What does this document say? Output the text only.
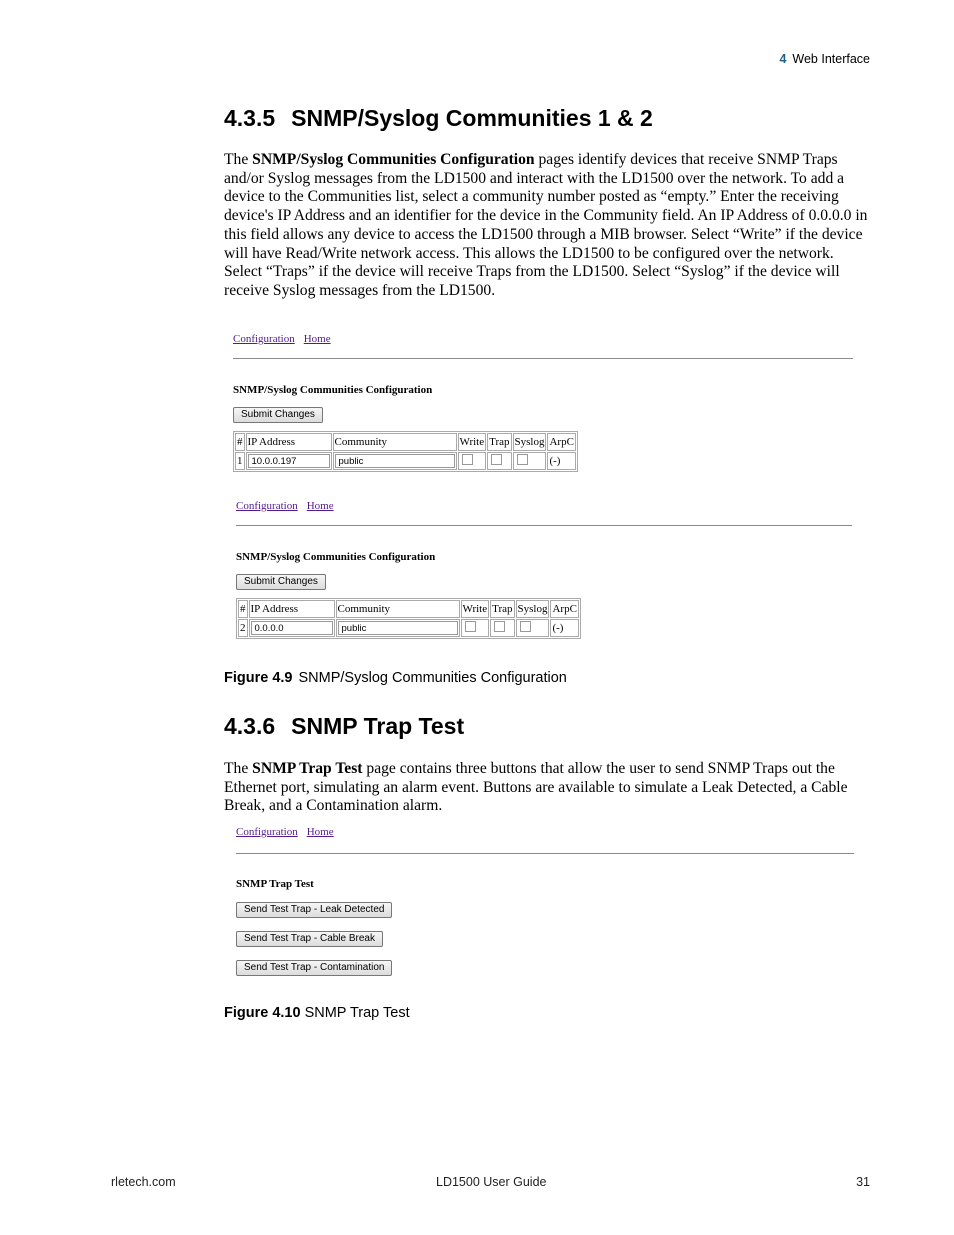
4 Web Interface
4.3.5 SNMP/Syslog Communities 1 & 2

The SNMP/Syslog Communities Configuration pages identify devices that receive SNMP Traps and/or Syslog messages from the LD1500 and interact with the LD1500 over the network. To add a device to the Communities list, select a community number posted as “empty.” Enter the receiving device's IP Address and an identifier for the device in the Community field. An IP Address of 0.0.0.0 in this field allows any device to access the LD1500 through a MIB browser. Select “Write” if the device will have Read/Write network access. This allows the LD1500 to be configured over the network. Select “Traps” if the device will receive Traps from the LD1500. Select “Syslog” if the device will receive Syslog messages from the LD1500.

Configuration Home
SNMP/Syslog Communities Configuration
Submit Changes
#	IP Address	Community	Write	Trap	Syslog	ArpC
1	10.0.0.197	public				(-)
Configuration Home
SNMP/Syslog Communities Configuration
Submit Changes
#	IP Address	Community	Write	Trap	Syslog	ArpC
2	0.0.0.0	public				(-)
Figure 4.9 SNMP/Syslog Communities Configuration
4.3.6 SNMP Trap Test

The SNMP Trap Test page contains three buttons that allow the user to send SNMP Traps out the Ethernet port, simulating an alarm event. Buttons are available to simulate a Leak Detected, a Cable Break, and a Contamination alarm.

Configuration Home
SNMP Trap Test
Send Test Trap - Leak Detected
Send Test Trap - Cable Break
Send Test Trap - Contamination
Figure 4.10 SNMP Trap Test
rletech.com	LD1500 User Guide	31
